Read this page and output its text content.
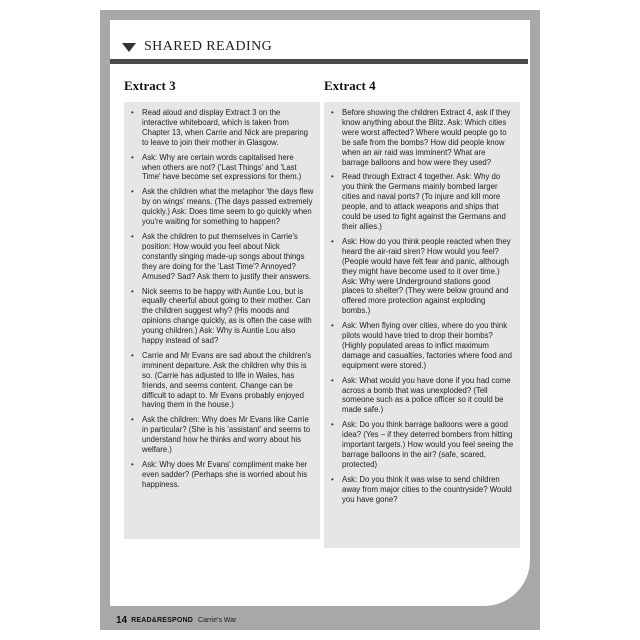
SHARED READING
Extract 3
• Read aloud and display Extract 3 on the interactive whiteboard, which is taken from Chapter 13, when Carrie and Nick are preparing to leave to join their mother in Glasgow.
• Ask: Why are certain words capitalised here when others are not? ('Last Things' and 'Last Time' have become set expressions for them.)
• Ask the children what the metaphor 'the days flew by on wings' means. (The days passed extremely quickly.) Ask: Does time seem to go quickly when you're waiting for something to happen?
• Ask the children to put themselves in Carrie's position: How would you feel about Nick constantly singing made-up songs about things they are doing for the 'Last Time'? Annoyed? Amused? Sad? Ask them to justify their answers.
• Nick seems to be happy with Auntie Lou, but is equally cheerful about going to their mother. Can the children suggest why? (His moods and opinions change quickly, as is often the case with young children.) Ask: Why is Auntie Lou also happy instead of sad?
• Carrie and Mr Evans are sad about the children's imminent departure. Ask the children why this is so. (Carrie has adjusted to life in Wales, has friends, and seems content. Change can be difficult to adapt to. Mr Evans probably enjoyed having them in the house.)
• Ask the children: Why does Mr Evans like Carrie in particular? (She is his 'assistant' and seems to understand how he thinks and worry about his welfare.)
• Ask: Why does Mr Evans' compliment make her even sadder? (Perhaps she is worried about his happiness.
Extract 4
• Before showing the children Extract 4, ask if they know anything about the Blitz. Ask: Which cities were worst affected? Where would people go to be safe from the bombs? How did people know when an air raid was imminent? What are barrage balloons and how were they used?
• Read through Extract 4 together. Ask: Why do you think the Germans mainly bombed larger cities and naval ports? (To injure and kill more people, and to attack weapons and ships that could be used to fight against the Germans and their allies.)
• Ask: How do you think people reacted when they heard the air-raid siren? How would you feel? (People would have felt fear and panic, although they might have become used to it over time.) Ask: Why were Underground stations good places to shelter? (They were below ground and offered more protection against exploding bombs.)
• Ask: When flying over cities, where do you think pilots would have tried to drop their bombs? (Highly populated areas to inflict maximum damage and casualties, factories where food and equipment were stored.)
• Ask: What would you have done if you had come across a bomb that was unexploded? (Tell someone such as a police officer so it could be made safe.)
• Ask: Do you think barrage balloons were a good idea? (Yes – if they deterred bombers from hitting important targets.) How would you feel seeing the barrage balloons in the air? (safe, scared, protected)
• Ask: Do you think it was wise to send children away from major cities to the countryside? Would you have gone?
14 READ&RESPOND Carrie's War
